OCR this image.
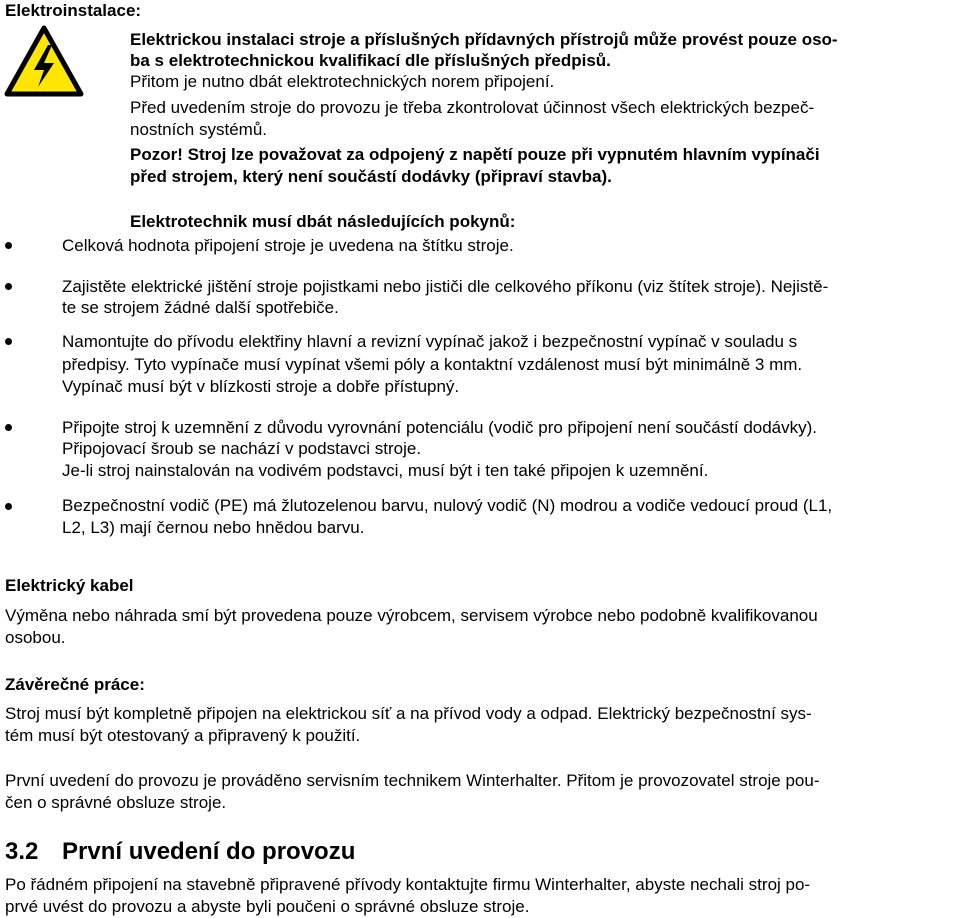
Elektroinstalace:
Elektrickou instalaci stroje a příslušných přídavných přístrojů může provést pouze oso-
ba s elektrotechnickou kvalifikací dle příslušných předpisů.
Přitom je nutno dbát elektrotechnických norem připojení.
Před uvedením stroje do provozu je třeba zkontrolovat účinnost všech elektrických bezpeč-
nostních systémů.
Pozor! Stroj lze považovat za odpojený z napětí pouze při vypnutém hlavním vypínači
před strojem, který není součástí dodávky (připraví stavba).
Elektrotechnik musí dbát následujících pokynů:
Celková hodnota připojení stroje je uvedena na štítku stroje.
Zajistěte elektrické jištění stroje pojistkami nebo jističi dle celkového příkonu (viz štítek stroje). Nejistě-
te se strojem žádné další spotřebiče.
Namontujte do přívodu elektřiny hlavní a revizní vypínač jakož i bezpečnostní vypínač v souladu s
předpisy. Tyto vypínače musí vypínat všemi póly a kontaktní vzdálenost musí být minimálně 3 mm.
Vypínač musí být v blízkosti stroje a dobře přístupný.
Připojte stroj k uzemnění z důvodu vyrovnání potenciálu (vodič pro připojení není součástí dodávky).
Připojovací šroub se nachází v podstavci stroje.
Je-li stroj nainstalován na vodivém podstavci, musí být i ten také připojen k uzemnění.
Bezpečnostní vodič (PE) má žlutozelenou barvu, nulový vodič (N) modrou a vodiče vedoucí proud (L1,
L2, L3) mají černou nebo hnědou barvu.
Elektrický kabel
Výměna nebo náhrada smí být provedena pouze výrobcem, servisem výrobce nebo podobně kvalifikovanou
osobou.
Závěrečné práce:
Stroj musí být kompletně připojen na elektrickou síť a na přívod vody a odpad. Elektrický bezpečnostní sys-
tém musí být otestovaný a připravený k použití.
První uvedení do provozu je prováděno servisním technikem Winterhalter. Přitom je provozovatel stroje pou-
čen o správné obsluze stroje.
3.2 První uvedení do provozu
Po řádném připojení na stavebně připravené přívody kontaktujte firmu Winterhalter, abyste nechali stroj po-
prvé uvést do provozu a abyste byli poučeni o správné obsluze stroje.
